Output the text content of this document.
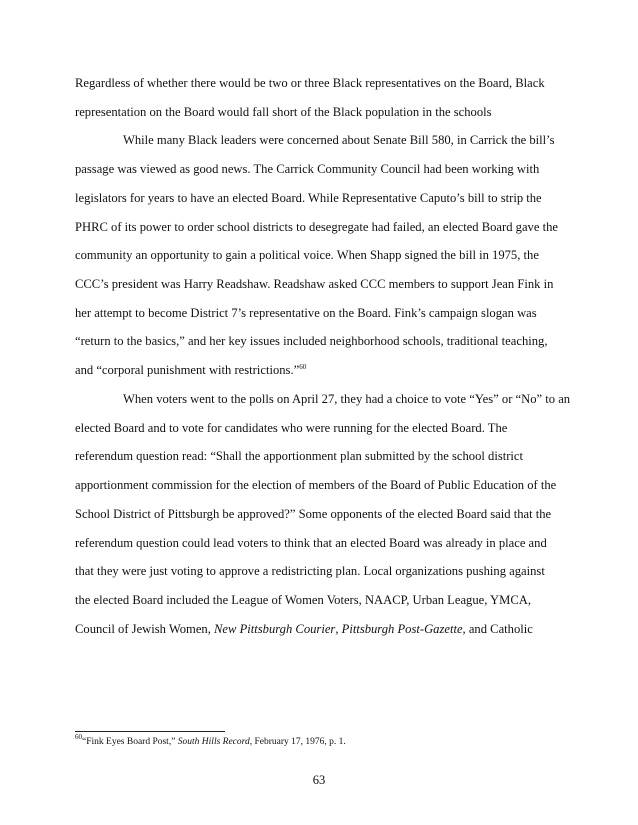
Regardless of whether there would be two or three Black representatives on the Board, Black
representation on the Board would fall short of the Black population in the schools
While many Black leaders were concerned about Senate Bill 580, in Carrick the bill’s
passage was viewed as good news. The Carrick Community Council had been working with
legislators for years to have an elected Board. While Representative Caputo’s bill to strip the
PHRC of its power to order school districts to desegregate had failed, an elected Board gave the
community an opportunity to gain a political voice. When Shapp signed the bill in 1975, the
CCC’s president was Harry Readshaw. Readshaw asked CCC members to support Jean Fink in
her attempt to become District 7’s representative on the Board. Fink’s campaign slogan was
“return to the basics,” and her key issues included neighborhood schools, traditional teaching,
and “corporal punishment with restrictions.”$^{60}$
When voters went to the polls on April 27, they had a choice to vote “Yes” or “No” to an
elected Board and to vote for candidates who were running for the elected Board. The
referendum question read: “Shall the apportionment plan submitted by the school district
apportionment commission for the election of members of the Board of Public Education of the
School District of Pittsburgh be approved?” Some opponents of the elected Board said that the
referendum question could lead voters to think that an elected Board was already in place and
that they were just voting to approve a redistricting plan. Local organizations pushing against
the elected Board included the League of Women Voters, NAACP, Urban League, YMCA,
Council of Jewish Women, New Pittsburgh Courier, Pittsburgh Post-Gazette, and Catholic
$^{60}$“Fink Eyes Board Post,” South Hills Record, February 17, 1976, p. 1.
63
